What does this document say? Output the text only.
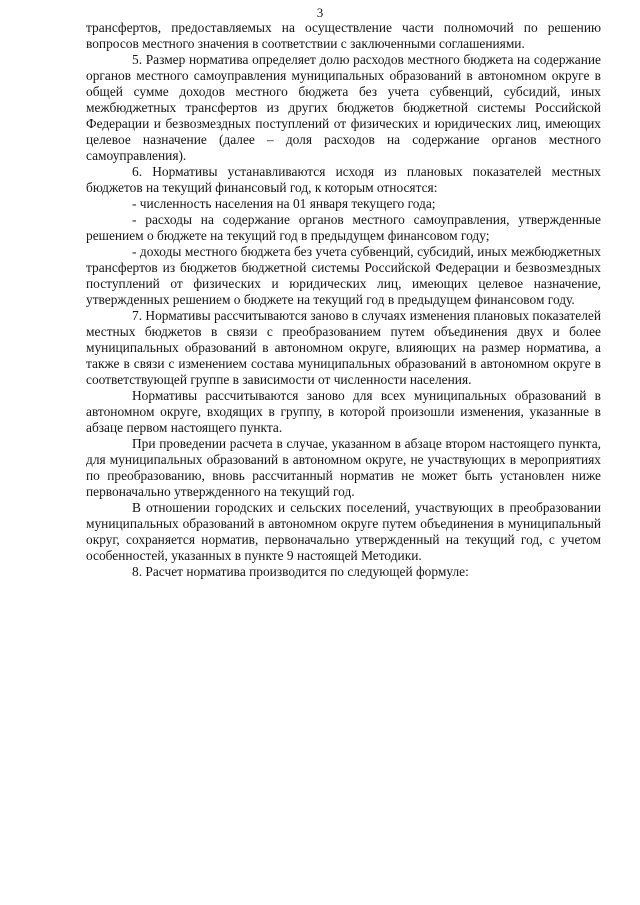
3

трансфертов, предоставляемых на осуществление части полномочий по решению вопросов местного значения в соответствии с заключенными соглашениями.

5. Размер норматива определяет долю расходов местного бюджета на содержание органов местного самоуправления муниципальных образований в автономном округе в общей сумме доходов местного бюджета без учета субвенций, субсидий, иных межбюджетных трансфертов из других бюджетов бюджетной системы Российской Федерации и безвозмездных поступлений от физических и юридических лиц, имеющих целевое назначение (далее – доля расходов на содержание органов местного самоуправления).

6. Нормативы устанавливаются исходя из плановых показателей местных бюджетов на текущий финансовый год, к которым относятся:

- численность населения на 01 января текущего года;

- расходы на содержание органов местного самоуправления, утвержденные решением о бюджете на текущий год в предыдущем финансовом году;

- доходы местного бюджета без учета субвенций, субсидий, иных межбюджетных трансфертов из бюджетов бюджетной системы Российской Федерации и безвозмездных поступлений от физических и юридических лиц, имеющих целевое назначение, утвержденных решением о бюджете на текущий год в предыдущем финансовом году.

7. Нормативы рассчитываются заново в случаях изменения плановых показателей местных бюджетов в связи с преобразованием путем объединения двух и более муниципальных образований в автономном округе, влияющих на размер норматива, а также в связи с изменением состава муниципальных образований в автономном округе в соответствующей группе в зависимости от численности населения.

Нормативы рассчитываются заново для всех муниципальных образований в автономном округе, входящих в группу, в которой произошли изменения, указанные в абзаце первом настоящего пункта.

При проведении расчета в случае, указанном в абзаце втором настоящего пункта, для муниципальных образований в автономном округе, не участвующих в мероприятиях по преобразованию, вновь рассчитанный норматив не может быть установлен ниже первоначально утвержденного на текущий год.

В отношении городских и сельских поселений, участвующих в преобразовании муниципальных образований в автономном округе путем объединения в муниципальный округ, сохраняется норматив, первоначально утвержденный на текущий год, с учетом особенностей, указанных в пункте 9 настоящей Методики.

8. Расчет норматива производится по следующей формуле:
